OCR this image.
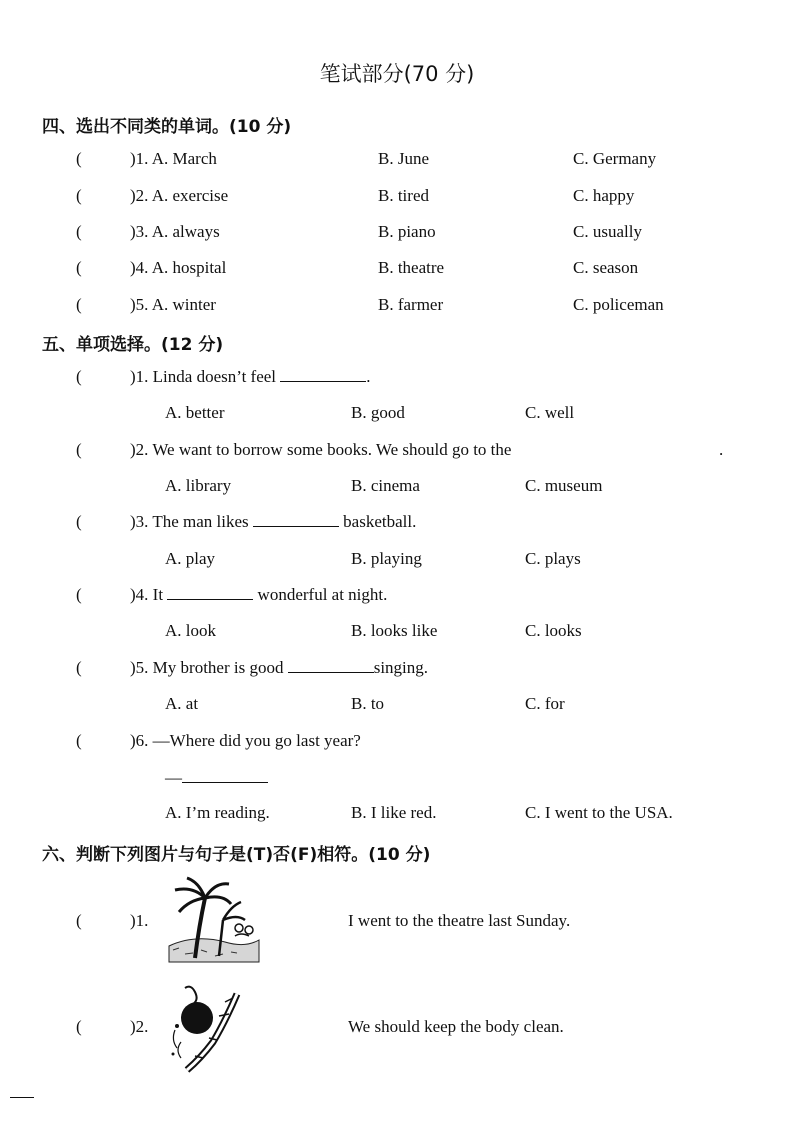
笔试部分(70 分)
四、选出不同类的单词。(10 分)
(	)1. A. March	B. June	C. Germany
(	)2. A. exercise	B. tired	C. happy
(	)3. A. always	B. piano	C. usually
(	)4. A. hospital	B. theatre	C. season
(	)5. A. winter	B. farmer	C. policeman
五、单项选择。(12 分)
(	)1. Linda doesn’t feel	.
A. better	B. good	C. well
(	)2. We want to borrow some books. We should go to the	.
A. library	B. cinema	C. museum
(	)3. The man likes	basketball.
A. play	B. playing	C. plays
(	)4. It	wonderful at night.
A. look	B. looks like	C. looks
(	)5. My brother is good	singing.
A. at	B. to	C. for
(	)6. —Where did you go last year?
—
A. I’m reading.	B. I like red.	C. I went to the USA.
六、判断下列图片与句子是(T)否(F)相符。(10 分)
(	)1.	I went to the theatre last Sunday.
(	)2.	We should keep the body clean.
